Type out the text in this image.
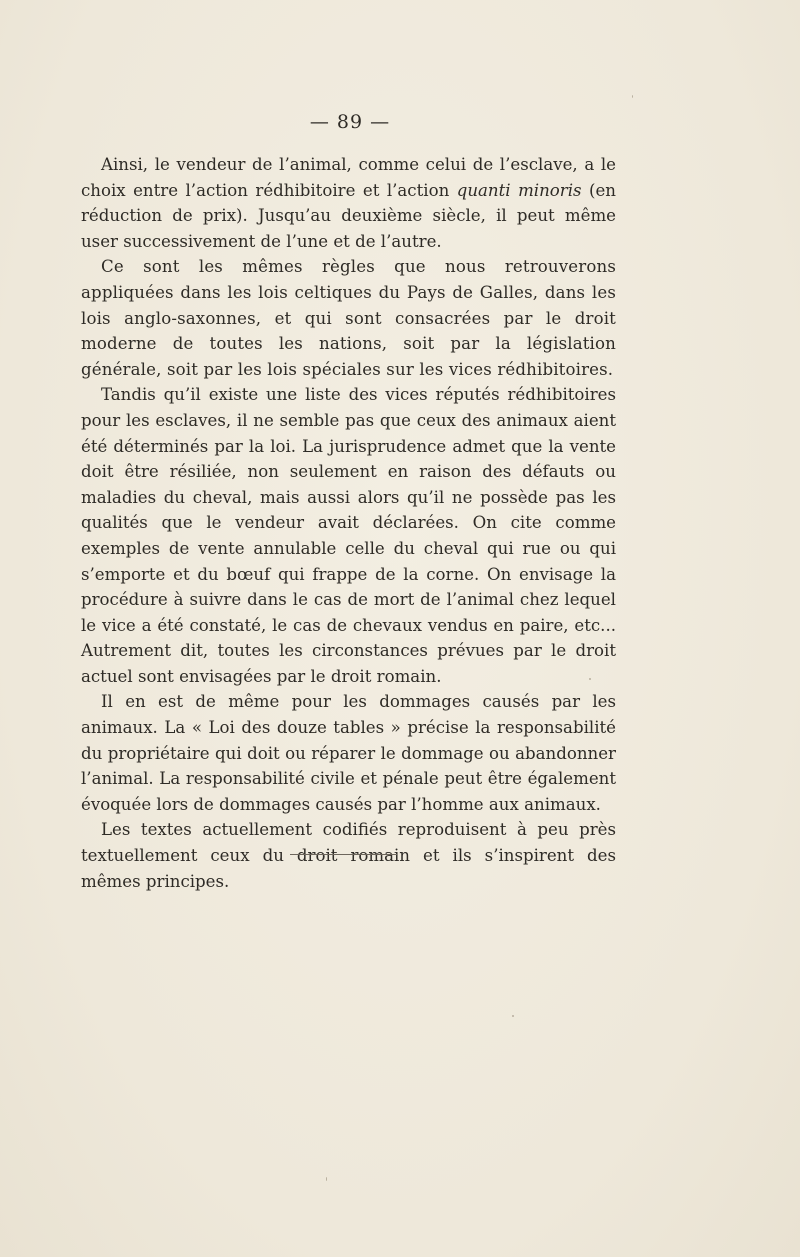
— 89 —

Ainsi, le vendeur de l’animal, comme celui de l’esclave, a le choix entre l’action rédhibitoire et l’action quanti minoris (en réduction de prix). Jusqu’au deuxième siècle, il peut même user successivement de l’une et de l’autre.

Ce sont les mêmes règles que nous retrouverons appliquées dans les lois celtiques du Pays de Galles, dans les lois anglo-saxonnes, et qui sont consacrées par le droit moderne de toutes les nations, soit par la législation générale, soit par les lois spéciales sur les vices rédhibitoires.

Tandis qu’il existe une liste des vices réputés rédhibitoires pour les esclaves, il ne semble pas que ceux des animaux aient été déterminés par la loi. La jurisprudence admet que la vente doit être résiliée, non seulement en raison des défauts ou maladies du cheval, mais aussi alors qu’il ne possède pas les qualités que le vendeur avait déclarées. On cite comme exemples de vente annulable celle du cheval qui rue ou qui s’emporte et du bœuf qui frappe de la corne. On envisage la procédure à suivre dans le cas de mort de l’animal chez lequel le vice a été constaté, le cas de chevaux vendus en paire, etc... Autrement dit, toutes les circonstances prévues par le droit actuel sont envisagées par le droit romain.

Il en est de même pour les dommages causés par les animaux. La « Loi des douze tables » précise la responsabilité du propriétaire qui doit ou réparer le dommage ou abandonner l’animal. La responsabilité civile et pénale peut être également évoquée lors de dommages causés par l’homme aux animaux.

Les textes actuellement codifiés reproduisent à peu près textuellement ceux du droit romain et ils s’inspirent des mêmes principes.
